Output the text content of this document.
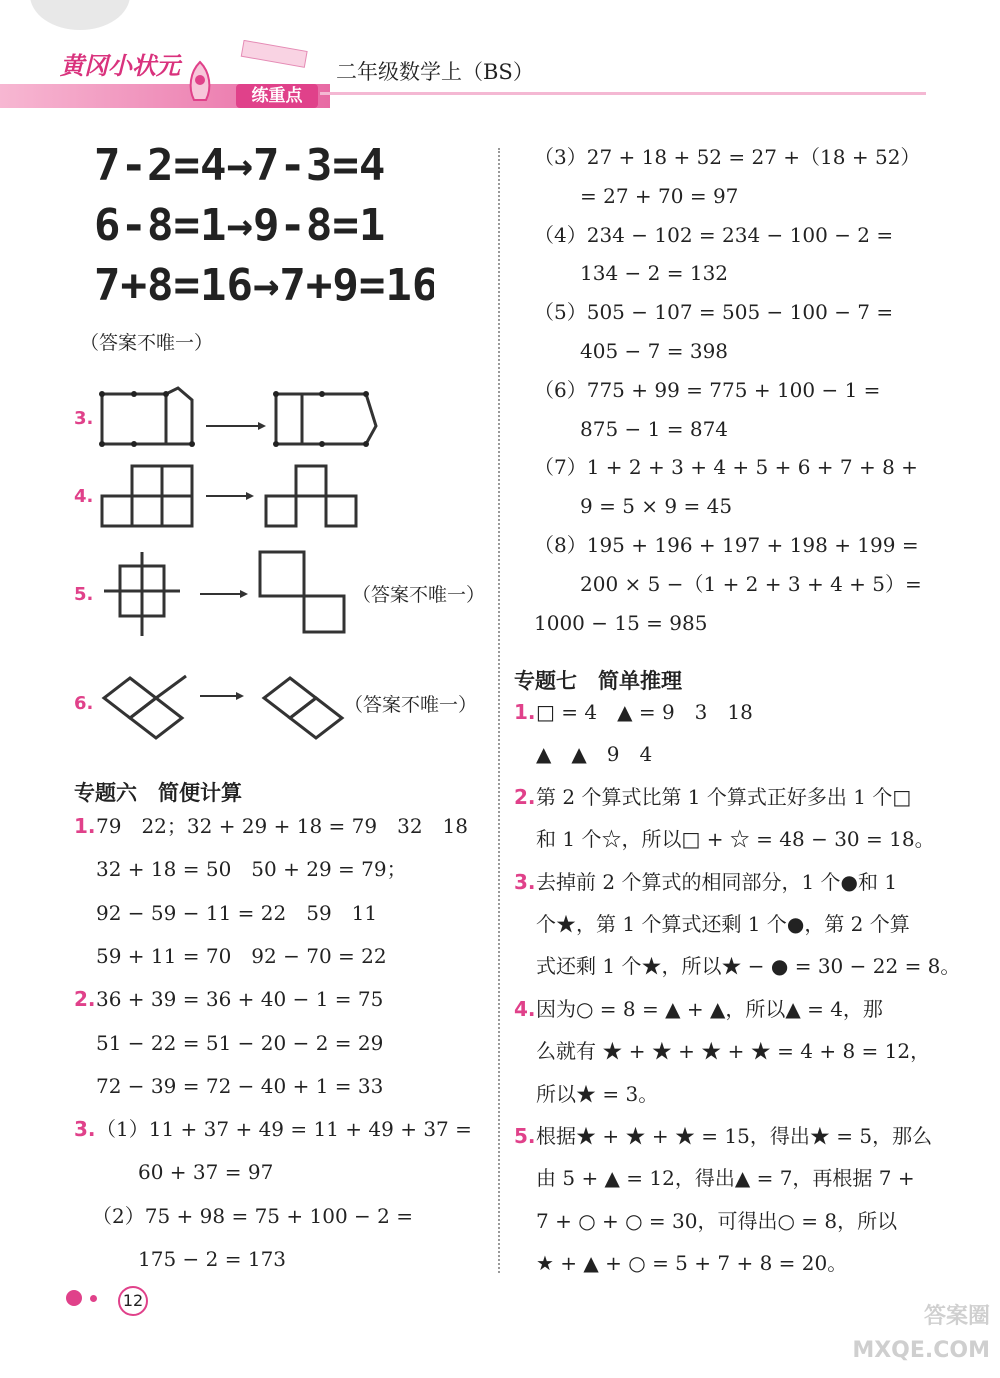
黄冈小状元
练重点
二年级数学上（BS）
7-2=4→7-3=4
6-8=1→9-8=1
7+8=16→7+9=16
（答案不唯一）
3.
4.
5.	（答案不唯一）
6.	（答案不唯一）
专题六　简便计算
1. 79　22；32 + 29 + 18 = 79　32　18
32 + 18 = 50　50 + 29 = 79；
92 − 59 − 11 = 22　59　11
59 + 11 = 70　92 − 70 = 22
2. 36 + 39 = 36 + 40 − 1 = 75
51 − 22 = 51 − 20 − 2 = 29
72 − 39 = 72 − 40 + 1 = 33
3. （1）11 + 37 + 49 = 11 + 49 + 37 =
60 + 37 = 97
（2）75 + 98 = 75 + 100 − 2 =
175 − 2 = 173
（3）27 + 18 + 52 = 27 +（18 + 52）
= 27 + 70 = 97
（4）234 − 102 = 234 − 100 − 2 =
134 − 2 = 132
（5）505 − 107 = 505 − 100 − 7 =
405 − 7 = 398
（6）775 + 99 = 775 + 100 − 1 =
875 − 1 = 874
（7）1 + 2 + 3 + 4 + 5 + 6 + 7 + 8 +
9 = 5 × 9 = 45
（8）195 + 196 + 197 + 198 + 199 =
200 × 5 −（1 + 2 + 3 + 4 + 5）=
1000 − 15 = 985
专题七　简单推理
1. □ = 4　▲ = 9　3　18
▲　▲　9　4
2. 第 2 个算式比第 1 个算式正好多出 1 个□
和 1 个☆，所以□ + ☆ = 48 − 30 = 18。
3. 去掉前 2 个算式的相同部分，1 个●和 1
个★，第 1 个算式还剩 1 个●，第 2 个算
式还剩 1 个★，所以★ − ● = 30 − 22 = 8。
4. 因为○ = 8 = ▲ + ▲，所以▲ = 4，那
么就有 ★ + ★ + ★ + ★ = 4 + 8 = 12，
所以★ = 3。
5. 根据★ + ★ + ★ = 15，得出★ = 5，那么
由 5 + ▲ = 12，得出▲ = 7，再根据 7 +
7 + ○ + ○ = 30，可得出○ = 8，所以
★ + ▲ + ○ = 5 + 7 + 8 = 20。
12
答案圈 MXQE.COM
